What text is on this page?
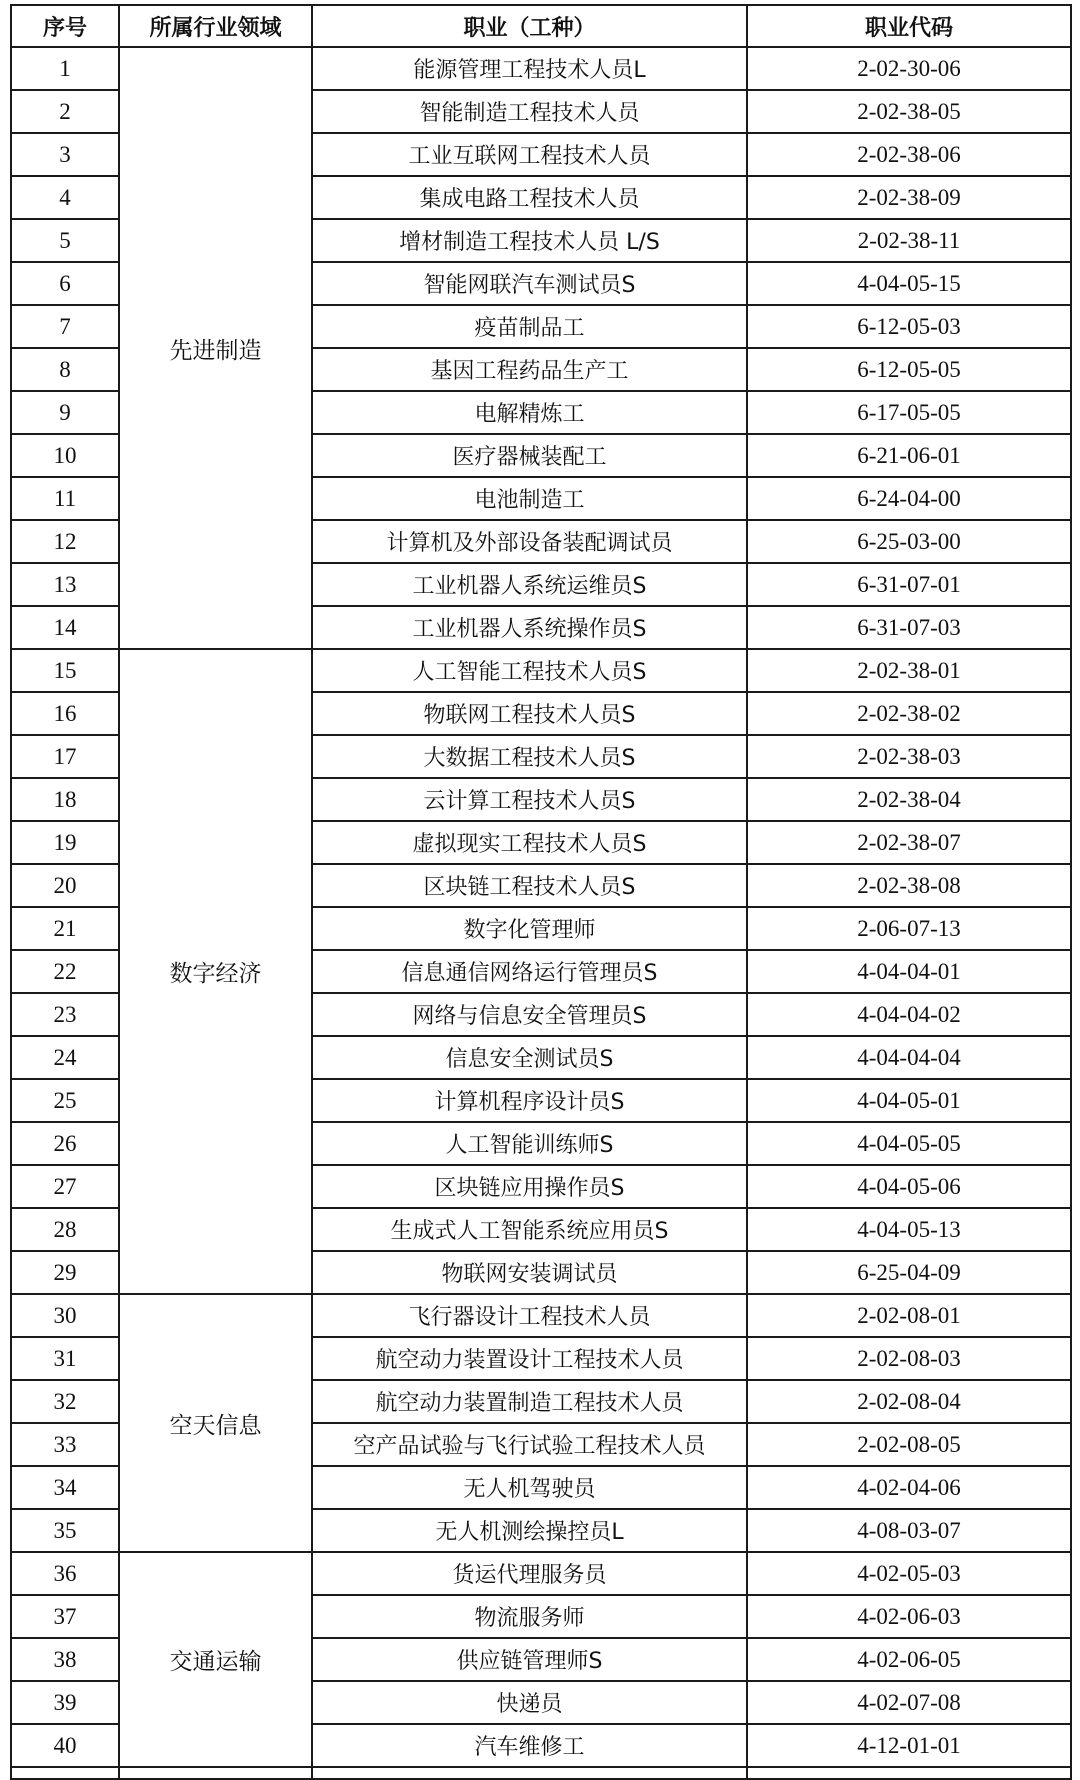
序号	所属行业领域	职业（工种）	职业代码
1	先进制造	能源管理工程技术人员L	2-02-30-06
2		智能制造工程技术人员	2-02-38-05
3		工业互联网工程技术人员	2-02-38-06
4		集成电路工程技术人员	2-02-38-09
5		增材制造工程技术人员 L/S	2-02-38-11
6		智能网联汽车测试员S	4-04-05-15
7		疫苗制品工	6-12-05-03
8		基因工程药品生产工	6-12-05-05
9		电解精炼工	6-17-05-05
10		医疗器械装配工	6-21-06-01
11		电池制造工	6-24-04-00
12		计算机及外部设备装配调试员	6-25-03-00
13		工业机器人系统运维员S	6-31-07-01
14		工业机器人系统操作员S	6-31-07-03
15	数字经济	人工智能工程技术人员S	2-02-38-01
16		物联网工程技术人员S	2-02-38-02
17		大数据工程技术人员S	2-02-38-03
18		云计算工程技术人员S	2-02-38-04
19		虚拟现实工程技术人员S	2-02-38-07
20		区块链工程技术人员S	2-02-38-08
21		数字化管理师	2-06-07-13
22		信息通信网络运行管理员S	4-04-04-01
23		网络与信息安全管理员S	4-04-04-02
24		信息安全测试员S	4-04-04-04
25		计算机程序设计员S	4-04-05-01
26		人工智能训练师S	4-04-05-05
27		区块链应用操作员S	4-04-05-06
28		生成式人工智能系统应用员S	4-04-05-13
29		物联网安装调试员	6-25-04-09
30	空天信息	飞行器设计工程技术人员	2-02-08-01
31		航空动力装置设计工程技术人员	2-02-08-03
32		航空动力装置制造工程技术人员	2-02-08-04
33		空产品试验与飞行试验工程技术人员	2-02-08-05
34		无人机驾驶员	4-02-04-06
35		无人机测绘操控员L	4-08-03-07
36	交通运输	货运代理服务员	4-02-05-03
37		物流服务师	4-02-06-03
38		供应链管理师S	4-02-06-05
39		快递员	4-02-07-08
40		汽车维修工	4-12-01-01
